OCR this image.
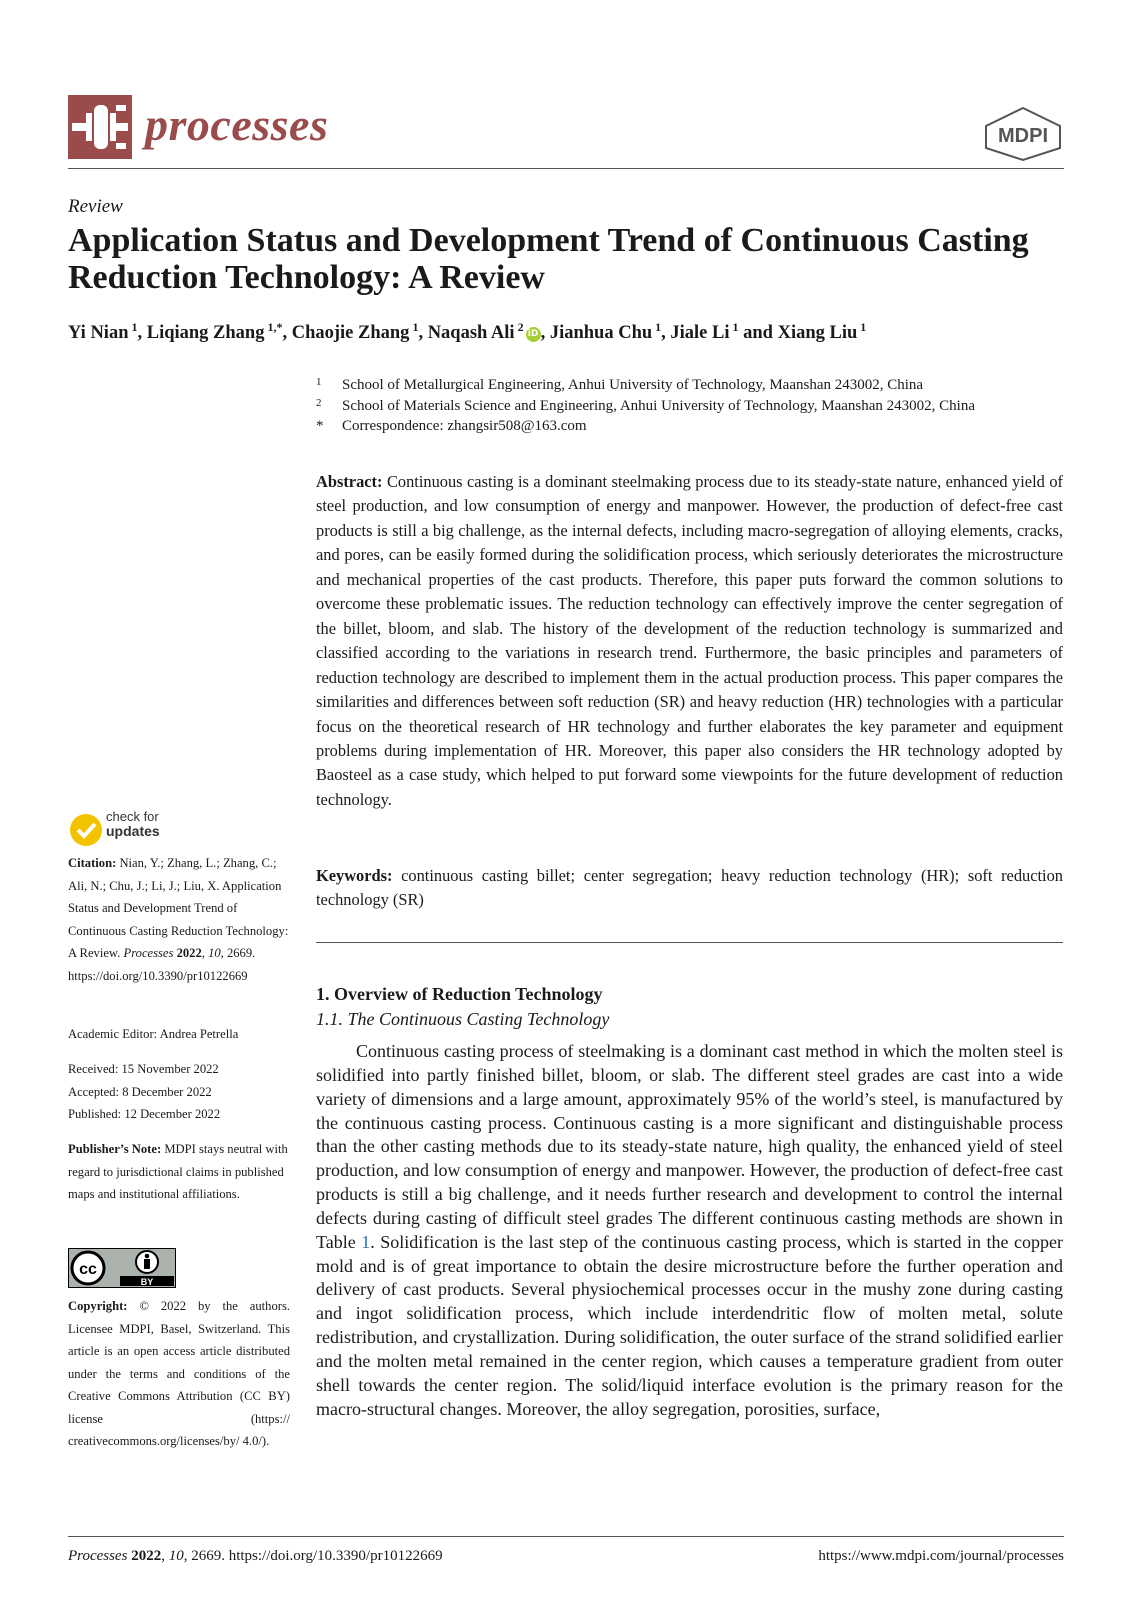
processes	MDPI
Review
Application Status and Development Trend of Continuous Casting Reduction Technology: A Review
Yi Nian $^1$, Liqiang Zhang $^{1,*}$, Chaojie Zhang $^1$, Naqash Ali $^2$iD , Jianhua Chu $^1$, Jiale Li $^1$ and Xiang Liu $^1$
1 School of Metallurgical Engineering, Anhui University of Technology, Maanshan 243002, China
2 School of Materials Science and Engineering, Anhui University of Technology, Maanshan 243002, China
* Correspondence: zhangsir508@163.com
Abstract: Continuous casting is a dominant steelmaking process due to its steady-state nature, enhanced yield of steel production, and low consumption of energy and manpower. However, the production of defect-free cast products is still a big challenge, as the internal defects, including macro-segregation of alloying elements, cracks, and pores, can be easily formed during the solidification process, which seriously deteriorates the microstructure and mechanical properties of the cast products. Therefore, this paper puts forward the common solutions to overcome these problematic issues. The reduction technology can effectively improve the center segregation of the billet, bloom, and slab. The history of the development of the reduction technology is summarized and classified according to the variations in research trend. Furthermore, the basic principles and parameters of reduction technology are described to implement them in the actual production process. This paper compares the similarities and differences between soft reduction (SR) and heavy reduction (HR) technologies with a particular focus on the theoretical research of HR technology and further elaborates the key parameter and equipment problems during implementation of HR. Moreover, this paper also considers the HR technology adopted by Baosteel as a case study, which helped to put forward some viewpoints for the future development of reduction technology.
Keywords: continuous casting billet; center segregation; heavy reduction technology (HR); soft reduction technology (SR)
1. Overview of Reduction Technology
1.1. The Continuous Casting Technology

Continuous casting process of steelmaking is a dominant cast method in which the molten steel is solidified into partly finished billet, bloom, or slab. The different steel grades are cast into a wide variety of dimensions and a large amount, approximately 95% of the world’s steel, is manufactured by the continuous casting process. Continuous casting is a more significant and distinguishable process than the other casting methods due to its steady-state nature, high quality, the enhanced yield of steel production, and low consumption of energy and manpower. However, the production of defect-free cast products is still a big challenge, and it needs further research and development to control the internal defects during casting of difficult steel grades The different continuous casting methods are shown in Table 1. Solidification is the last step of the continuous casting process, which is started in the copper mold and is of great importance to obtain the desire microstructure before the further operation and delivery of cast products. Several physiochemical processes occur in the mushy zone during casting and ingot solidification process, which include interdendritic flow of molten metal, solute redistribution, and crystallization. During solidification, the outer surface of the strand solidified earlier and the molten metal remained in the center region, which causes a temperature gradient from outer shell towards the center region. The solid/liquid interface evolution is the primary reason for the macro-structural changes. Moreover, the alloy segregation, porosities, surface,

check for
updates
Citation: Nian, Y.; Zhang, L.; Zhang, C.; Ali, N.; Chu, J.; Li, J.; Liu, X. Application Status and Development Trend of Continuous Casting Reduction Technology: A Review. Processes 2022, 10, 2669. https://doi.org/10.3390/pr10122669
Academic Editor: Andrea Petrella
Received: 15 November 2022
Accepted: 8 December 2022
Published: 12 December 2022
Publisher’s Note: MDPI stays neutral with regard to jurisdictional claims in published maps and institutional affiliations.
cc
BY
Copyright: © 2022 by the authors. Licensee MDPI, Basel, Switzerland. This article is an open access article distributed under the terms and conditions of the Creative Commons Attribution (CC BY) license (https:// creativecommons.org/licenses/by/ 4.0/).
Processes 2022, 10, 2669. https://doi.org/10.3390/pr10122669	https://www.mdpi.com/journal/processes
